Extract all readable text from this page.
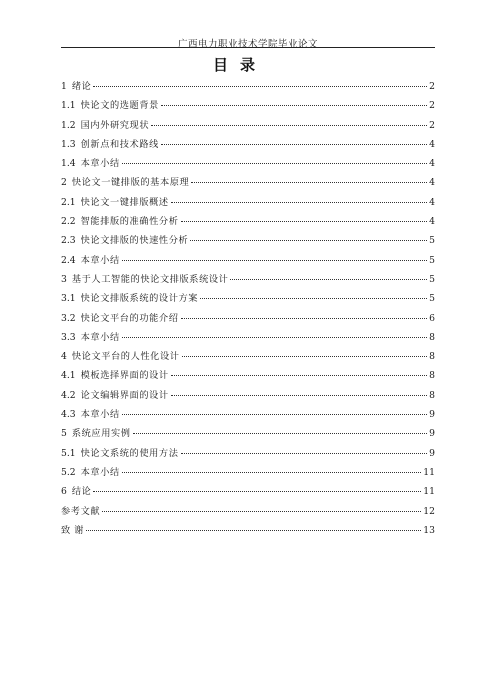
广西电力职业技术学院毕业论文
目录
1 绪论	2
1.1 快论文的选题背景	2
1.2 国内外研究现状	2
1.3 创新点和技术路线	4
1.4 本章小结	4
2 快论文一键排版的基本原理	4
2.1 快论文一键排版概述	4
2.2 智能排版的准确性分析	4
2.3 快论文排版的快速性分析	5
2.4 本章小结	5
3 基于人工智能的快论文排版系统设计	5
3.1 快论文排版系统的设计方案	5
3.2 快论文平台的功能介绍	6
3.3 本章小结	8
4 快论文平台的人性化设计	8
4.1 模板选择界面的设计	8
4.2 论文编辑界面的设计	8
4.3 本章小结	9
5 系统应用实例	9
5.1 快论文系统的使用方法	9
5.2 本章小结	11
6 结论	11
参考文献	12
致 谢	13
